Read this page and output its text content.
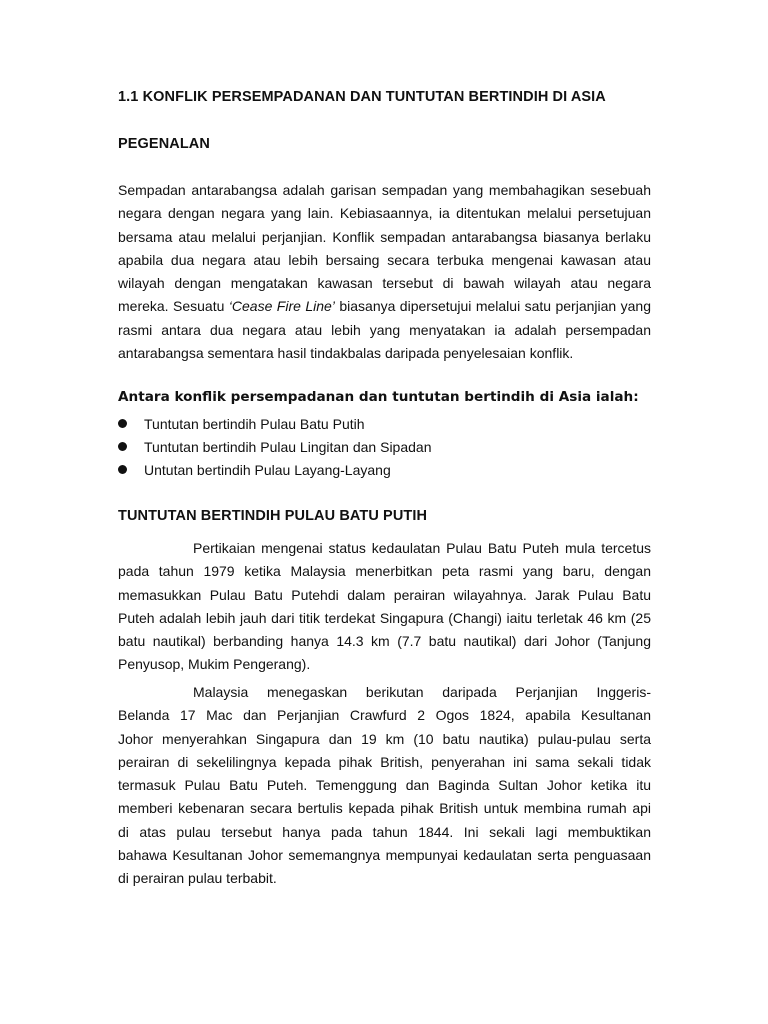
1.1 KONFLIK PERSEMPADANAN DAN TUNTUTAN BERTINDIH DI ASIA
PEGENALAN
Sempadan antarabangsa adalah garisan sempadan yang membahagikan sesebuah
negara dengan negara yang lain. Kebiasaannya, ia ditentukan melalui persetujuan
bersama atau melalui perjanjian. Konflik sempadan antarabangsa biasanya berlaku
apabila dua negara atau lebih bersaing secara terbuka mengenai kawasan atau
wilayah dengan mengatakan kawasan tersebut di bawah wilayah atau negara
mereka. Sesuatu ‘Cease Fire Line’ biasanya dipersetujui melalui satu perjanjian yang
rasmi antara dua negara atau lebih yang menyatakan ia adalah persempadan
antarabangsa sementara hasil tindakbalas daripada penyelesaian konflik.
Antara konflik persempadanan dan tuntutan bertindih di Asia ialah:
Tuntutan bertindih Pulau Batu Putih
Tuntutan bertindih Pulau Lingitan dan Sipadan
Untutan bertindih Pulau Layang-Layang
TUNTUTAN BERTINDIH PULAU BATU PUTIH
Pertikaian mengenai status kedaulatan Pulau Batu Puteh mula tercetus
pada tahun 1979 ketika Malaysia menerbitkan peta rasmi yang baru, dengan
memasukkan Pulau Batu Putehdi dalam perairan wilayahnya. Jarak Pulau Batu
Puteh adalah lebih jauh dari titik terdekat Singapura (Changi) iaitu terletak 46 km (25
batu nautikal) berbanding hanya 14.3 km (7.7 batu nautikal) dari Johor (Tanjung
Penyusop, Mukim Pengerang).
Malaysia menegaskan berikutan daripada Perjanjian Inggeris-
Belanda 17 Mac dan Perjanjian Crawfurd 2 Ogos 1824, apabila Kesultanan
Johor menyerahkan Singapura dan 19 km (10 batu nautika) pulau-pulau serta
perairan di sekelilingnya kepada pihak British, penyerahan ini sama sekali tidak
termasuk Pulau Batu Puteh. Temenggung dan Baginda Sultan Johor ketika itu
memberi kebenaran secara bertulis kepada pihak British untuk membina rumah api
di atas pulau tersebut hanya pada tahun 1844. Ini sekali lagi membuktikan
bahawa Kesultanan Johor sememangnya mempunyai kedaulatan serta penguasaan
di perairan pulau terbabit.
